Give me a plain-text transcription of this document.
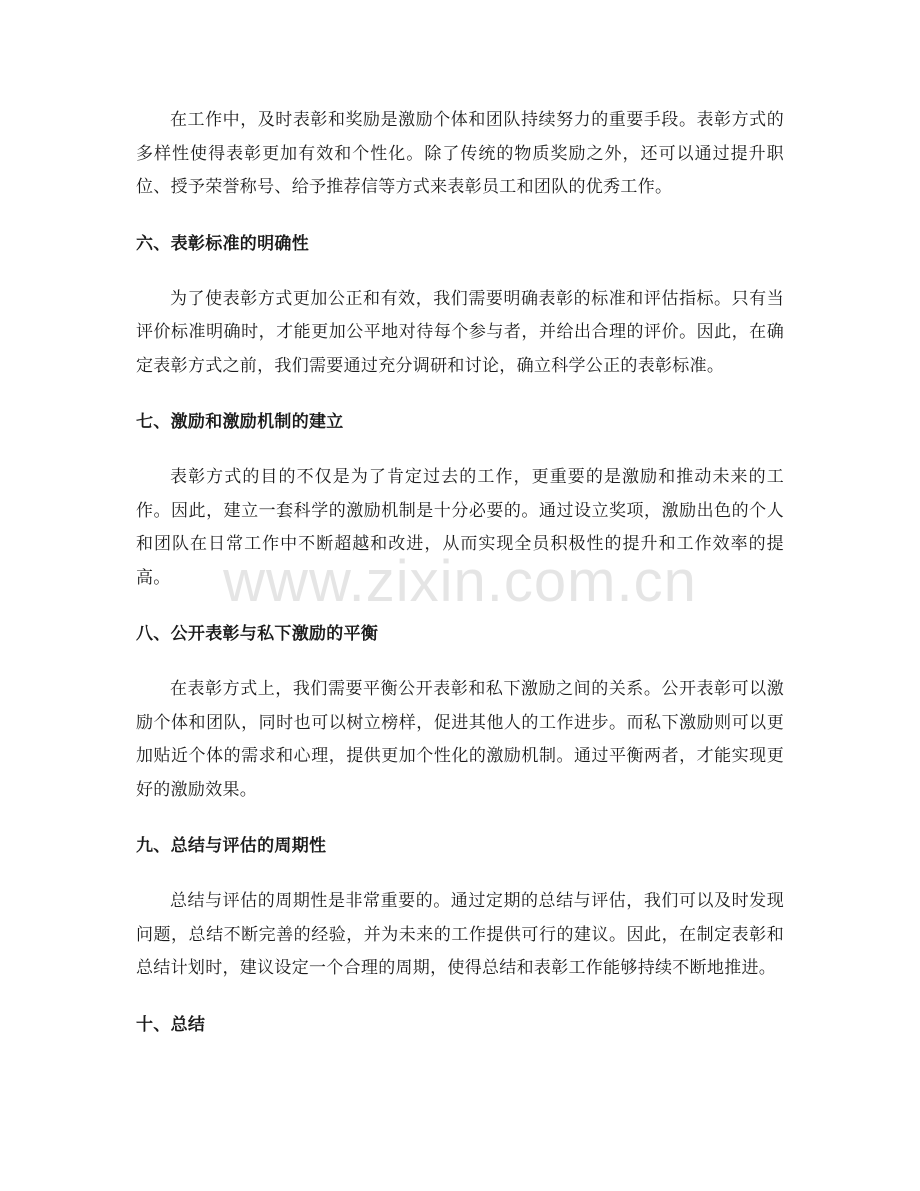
在工作中，及时表彰和奖励是激励个体和团队持续努力的重要手段。表彰方式的多样性使得表彰更加有效和个性化。除了传统的物质奖励之外，还可以通过提升职位、授予荣誉称号、给予推荐信等方式来表彰员工和团队的优秀工作。

六、表彰标准的明确性

为了使表彰方式更加公正和有效，我们需要明确表彰的标准和评估指标。只有当评价标准明确时，才能更加公平地对待每个参与者，并给出合理的评价。因此，在确定表彰方式之前，我们需要通过充分调研和讨论，确立科学公正的表彰标准。

七、激励和激励机制的建立

表彰方式的目的不仅是为了肯定过去的工作，更重要的是激励和推动未来的工作。因此，建立一套科学的激励机制是十分必要的。通过设立奖项，激励出色的个人和团队在日常工作中不断超越和改进，从而实现全员积极性的提升和工作效率的提高。

八、公开表彰与私下激励的平衡

在表彰方式上，我们需要平衡公开表彰和私下激励之间的关系。公开表彰可以激励个体和团队，同时也可以树立榜样，促进其他人的工作进步。而私下激励则可以更加贴近个体的需求和心理，提供更加个性化的激励机制。通过平衡两者，才能实现更好的激励效果。

九、总结与评估的周期性

总结与评估的周期性是非常重要的。通过定期的总结与评估，我们可以及时发现问题，总结不断完善的经验，并为未来的工作提供可行的建议。因此，在制定表彰和总结计划时，建议设定一个合理的周期，使得总结和表彰工作能够持续不断地推进。

十、总结
www.zixin.com.cn
